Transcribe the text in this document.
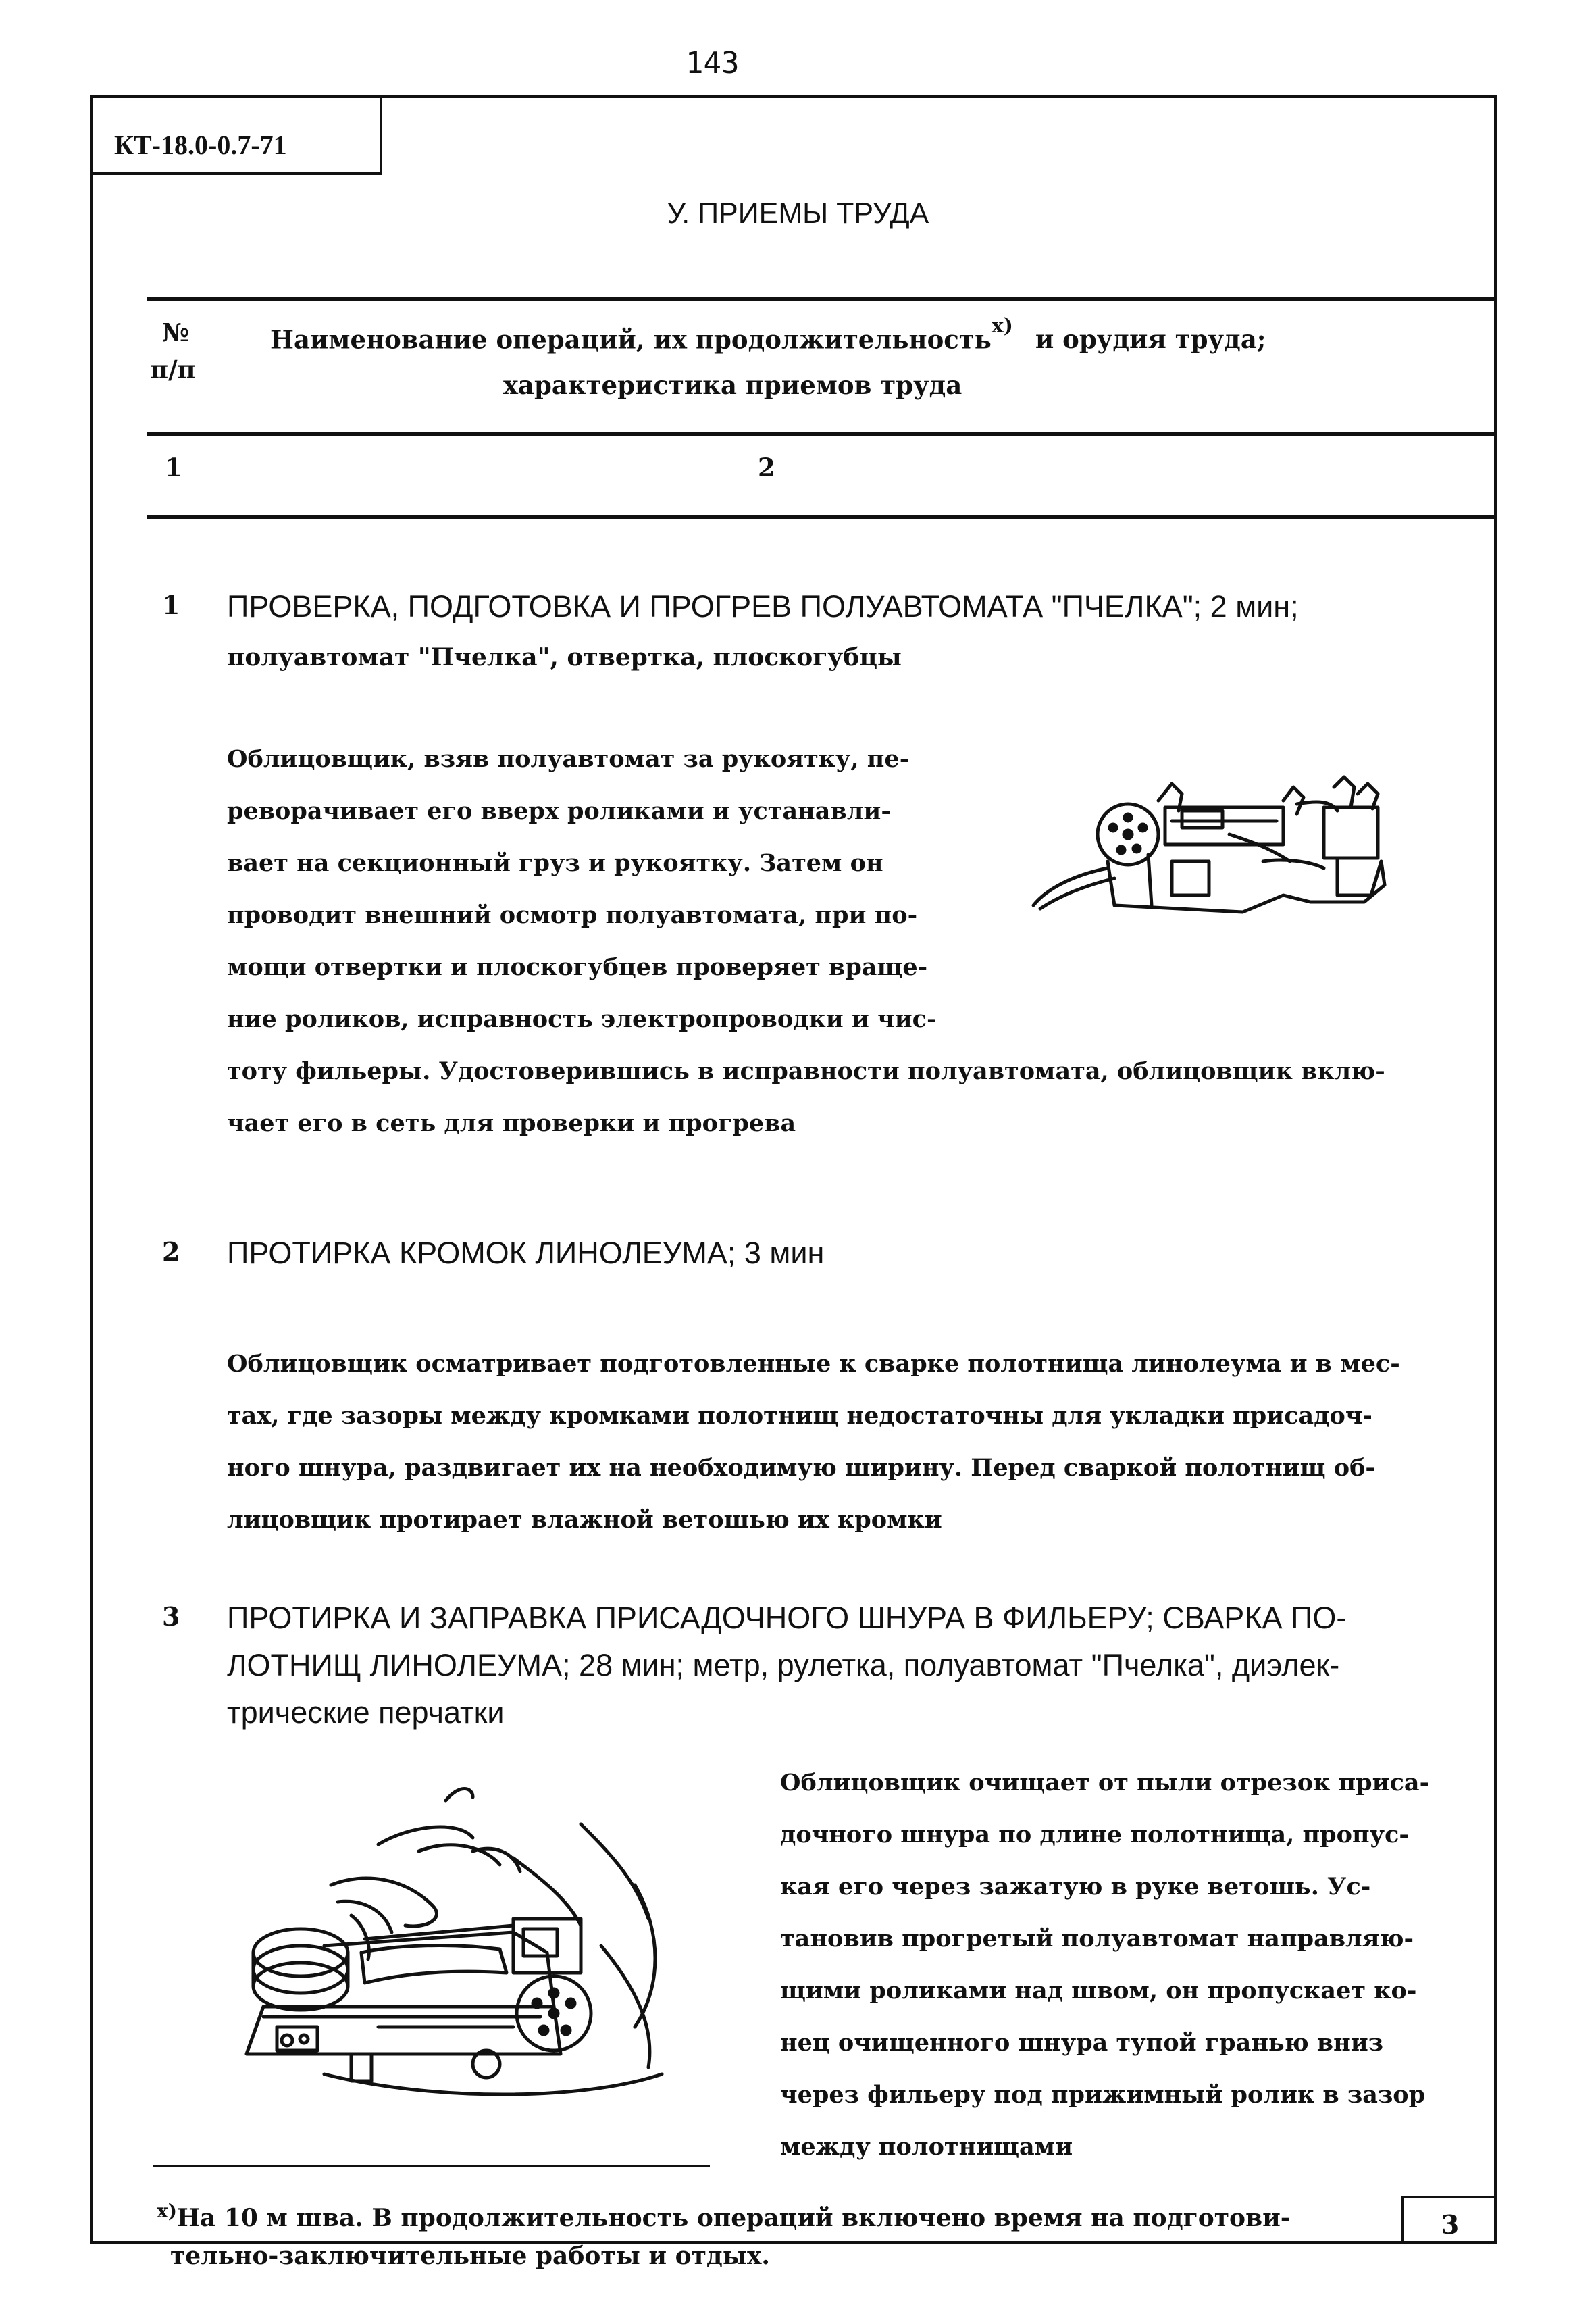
143
КТ-18.0-0.7-71
У. ПРИЕМЫ ТРУДА
№
п/п
Наименование операций, их продолжительность$^{x)}$ и орудия труда;
характеристика приемов труда
1	2
1 ПРОВЕРКА, ПОДГОТОВКА И ПРОГРЕВ ПОЛУАВТОМАТА "ПЧЕЛКА"; 2 мин;
полуавтомат "Пчелка", отвертка, плоскогубцы
Облицовщик, взяв полуавтомат за рукоятку, пе-
реворачивает его вверх роликами и устанавли-
вает на секционный груз и рукоятку. Затем он
проводит внешний осмотр полуавтомата, при по-
мощи отвертки и плоскогубцев проверяет враще-
ние роликов, исправность электропроводки и чис-
тоту фильеры. Удостоверившись в исправности полуавтомата, облицовщик вклю-
чает его в сеть для проверки и прогрева
2 ПРОТИРКА КРОМОК ЛИНОЛЕУМА; 3 мин
Облицовщик осматривает подготовленные к сварке полотнища линолеума и в мес-
тах, где зазоры между кромками полотнищ недостаточны для укладки присадоч-
ного шнура, раздвигает их на необходимую ширину. Перед сваркой полотнищ об-
лицовщик протирает влажной ветошью их кромки
3 ПРОТИРКА И ЗАПРАВКА ПРИСАДОЧНОГО ШНУРА В ФИЛЬЕРУ; СВАРКА ПО-
ЛОТНИЩ ЛИНОЛЕУМА; 28 мин; метр, рулетка, полуавтомат "Пчелка", диэлек-
трические перчатки
Облицовщик очищает от пыли отрезок приса-
дочного шнура по длине полотнища, пропус-
кая его через зажатую в руке ветошь. Ус-
тановив прогретый полуавтомат направляю-
щими роликами над швом, он пропускает ко-
нец очищенного шнура тупой гранью вниз
через фильеру под прижимный ролик в зазор
между полотнищами
$^{x)}$На 10 м шва. В продолжительность операций включено время на подготови-
тельно-заключительные работы и отдых.
3
